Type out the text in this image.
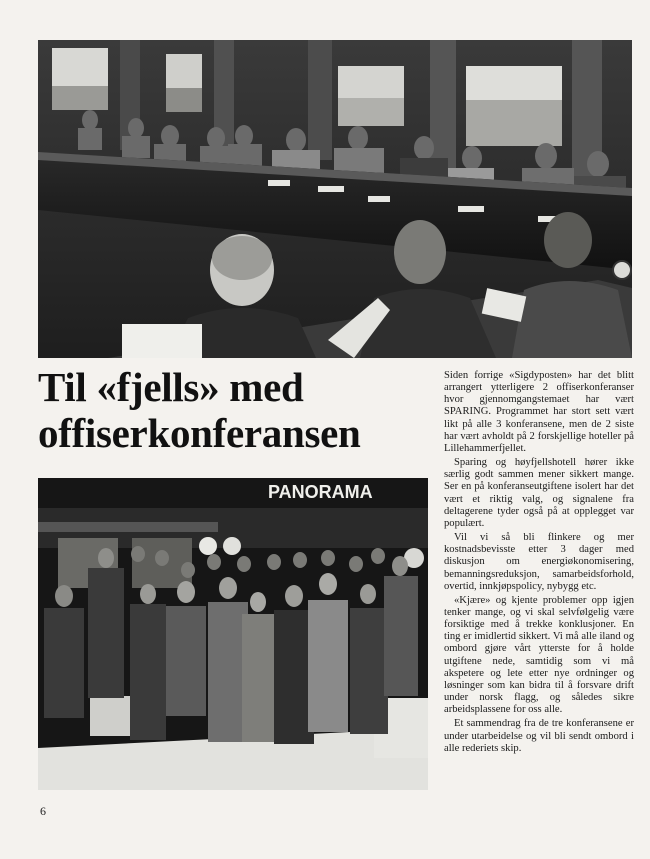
Til «fjells» med
offiserkonferansen
PANORAMA

Siden forrige «Sigdyposten» har det blitt arrangert ytterligere 2 offiserkonferanser hvor gjennomgangstemaet har vært SPARING. Programmet har stort sett vært likt på alle 3 konferansene, men de 2 siste har vært avholdt på 2 forskjellige hoteller på Lillehammerfjellet.

Sparing og høyfjellshotell hører ikke særlig godt sammen mener sikkert mange. Ser en på konferanseutgiftene isolert har det vært et riktig valg, og signalene fra deltagerene tyder også på at opplegget var populært.

Vil vi så bli flinkere og mer kostnadsbevisste etter 3 dager med diskusjon om energiøkonomisering, bemanningsreduksjon, samarbeidsforhold, overtid, innkjøpspolicy, nybygg etc.

«Kjære» og kjente problemer opp igjen tenker mange, og vi skal selvfølgelig være forsiktige med å trekke konklusjoner. En ting er imidlertid sikkert. Vi må alle iland og ombord gjøre vårt ytterste for å holde utgiftene nede, samtidig som vi må akspetere og lete etter nye ordninger og løsninger som kan bidra til å forsvare drift under norsk flagg, og således sikre arbeidsplassene for oss alle.

Et sammendrag fra de tre konferansene er under utarbeidelse og vil bli sendt ombord i alle rederiets skip.

6
